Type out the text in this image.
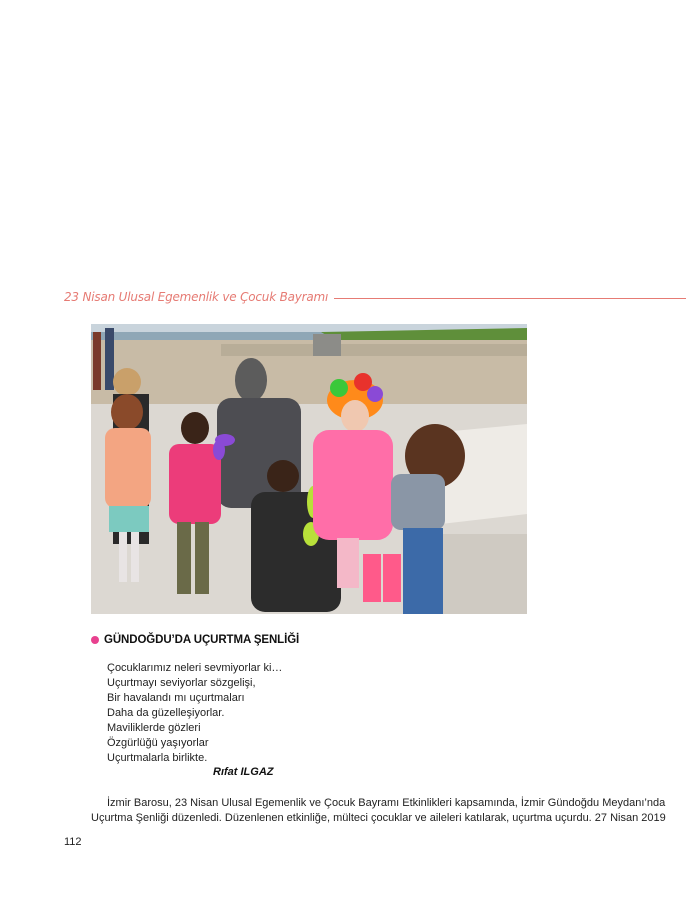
23 Nisan Ulusal Egemenlik ve Çocuk Bayramı
GÜNDOĞDU’DA UÇURTMA ŞENLİĞİ
Çocuklarımız neleri sevmiyorlar ki…
Uçurtmayı seviyorlar sözgelişi,
Bir havalandı mı uçurtmaları
Daha da güzelleşiyorlar.
Maviliklerde gözleri
Özgürlüğü yaşıyorlar
Uçurtmalarla birlikte.
Rıfat ILGAZ
İzmir Barosu, 23 Nisan Ulusal Egemenlik ve Çocuk Bayramı Etkinlikleri kapsamında, İzmir Gündoğdu Meydanı’nda
Uçurtma Şenliği düzenledi. Düzenlenen etkinliğe, mülteci çocuklar ve aileleri katılarak, uçurtma uçurdu. 27 Nisan 2019
112
